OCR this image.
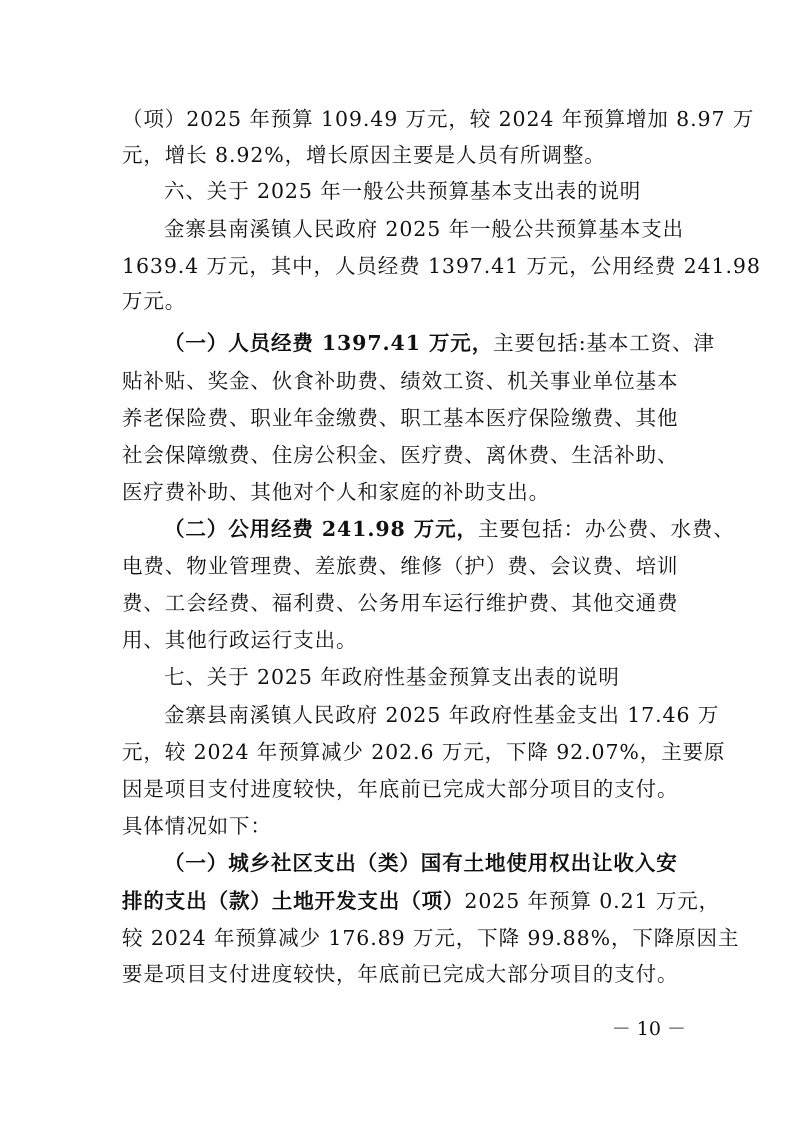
（项）2025 年预算 109.49 万元，较 2024 年预算增加 8.97 万
元，增长 8.92%，增长原因主要是人员有所调整。
六、关于 2025 年一般公共预算基本支出表的说明
金寨县南溪镇人民政府 2025 年一般公共预算基本支出
1639.4 万元，其中，人员经费 1397.41 万元，公用经费 241.98
万元。
（一）人员经费 1397.41 万元，主要包括:基本工资、津
贴补贴、奖金、伙食补助费、绩效工资、机关事业单位基本
养老保险费、职业年金缴费、职工基本医疗保险缴费、其他
社会保障缴费、住房公积金、医疗费、离休费、生活补助、
医疗费补助、其他对个人和家庭的补助支出。
（二）公用经费 241.98 万元，主要包括：办公费、水费、
电费、物业管理费、差旅费、维修（护）费、会议费、培训
费、工会经费、福利费、公务用车运行维护费、其他交通费
用、其他行政运行支出。
七、关于 2025 年政府性基金预算支出表的说明
金寨县南溪镇人民政府 2025 年政府性基金支出 17.46 万
元，较 2024 年预算减少 202.6 万元，下降 92.07%，主要原
因是项目支付进度较快，年底前已完成大部分项目的支付。
具体情况如下：
（一）城乡社区支出（类）国有土地使用权出让收入安
排的支出（款）土地开发支出（项）2025 年预算 0.21 万元，
较 2024 年预算减少 176.89 万元，下降 99.88%，下降原因主
要是项目支付进度较快，年底前已完成大部分项目的支付。
－ 10 －
